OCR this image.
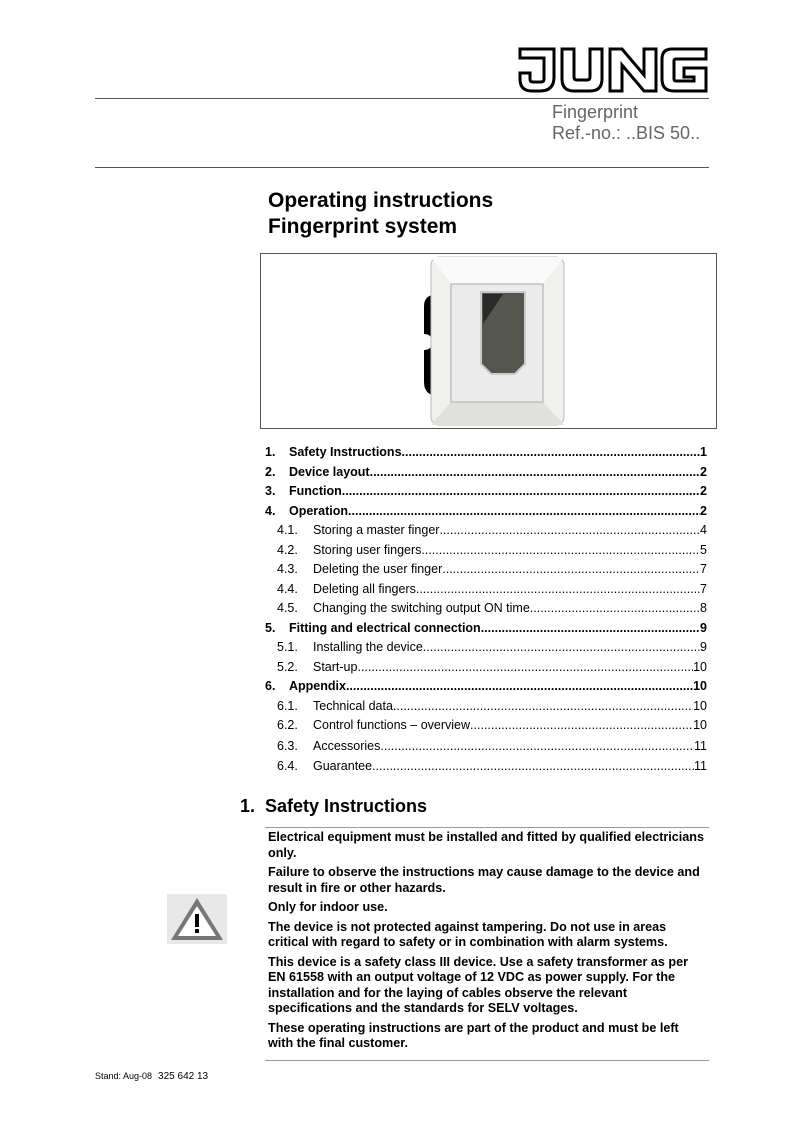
Fingerprint
Ref.-no.: ..BIS 50..
Operating instructions
Fingerprint system
1.	Safety Instructions .....	1
2.	Device layout .....	2
3.	Function .....	2
4.	Operation .....	2
4.1.	Storing a master finger .....	4
4.2.	Storing user fingers .....	5
4.3.	Deleting the user finger .....	7
4.4.	Deleting all fingers .....	7
4.5.	Changing the switching output ON time .....	8
5.	Fitting and electrical connection .....	9
5.1.	Installing the device .....	9
5.2.	Start-up .....	10
6.	Appendix .....	10
6.1.	Technical data .....	10
6.2.	Control functions – overview .....	10
6.3.	Accessories .....	11
6.4.	Guarantee .....	11
1. Safety Instructions

Electrical equipment must be installed and fitted by qualified electricians only.

Failure to observe the instructions may cause damage to the device and result in fire or other hazards.

Only for indoor use.

The device is not protected against tampering. Do not use in areas critical with regard to safety or in combination with alarm systems.

This device is a safety class III device. Use a safety transformer as per EN 61558 with an output voltage of 12 VDC as power supply. For the installation and for the laying of cables observe the relevant specifications and the standards for SELV voltages.

These operating instructions are part of the product and must be left with the final customer.

Stand: Aug-08 325 642 13
